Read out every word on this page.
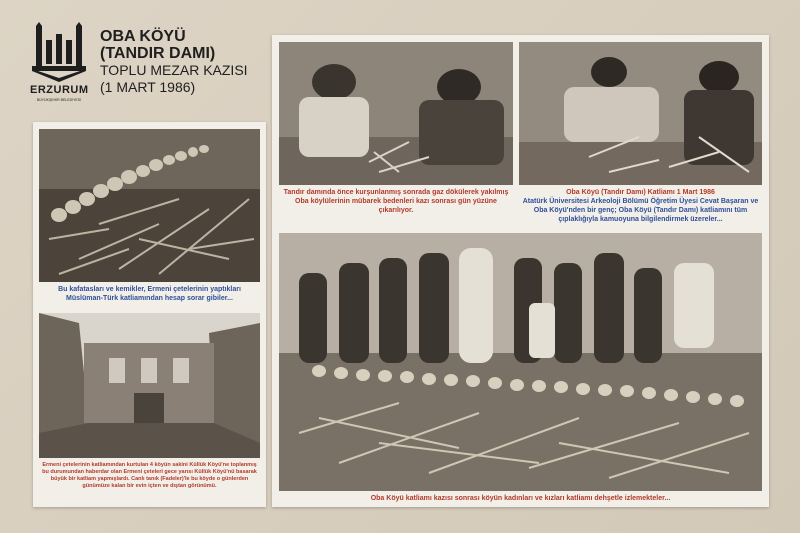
ERZURUM
BÜYÜKŞEHİR BELEDİYESİ
OBA KÖYÜ
(TANDIR DAMI)
TOPLU MEZAR KAZISI
(1 MART 1986)
Bu kafatasları ve kemikler, Ermeni çetelerinin yaptıkları Müslüman-Türk katliamından hesap sorar gibiler...
Ermeni çetelerinin katliamından kurtulan 4 köyün sakini Küllük Köyü'ne toplanmış bu durumundan haberdar olan Ermeni çeteleri gece yarısı Küllük Köyü'nü basarak büyük bir katliam yapmışlardı. Canlı tanık (Fadeler)'le bu köyde o günlerden günümüze kalan bir evin içten ve dıştan görünümü.
Tandır damında önce kurşunlanmış sonrada gaz dökülerek yakılmış Oba köylülerinin mübarek bedenleri kazı sonrası gün yüzüne çıkarılıyor.
Oba Köyü (Tandır Damı) Katliamı 1 Mart 1986
Atatürk Üniversitesi Arkeoloji Bölümü Öğretim Üyesi Cevat Başaran ve Oba Köyü'nden bir genç; Oba Köyü (Tandır Damı) katliamını tüm çıplaklığıyla kamuoyuna bilgilendirmek üzereler...
Oba Köyü katliamı kazısı sonrası köyün kadınları ve kızları katliamı dehşetle izlemekteler...
